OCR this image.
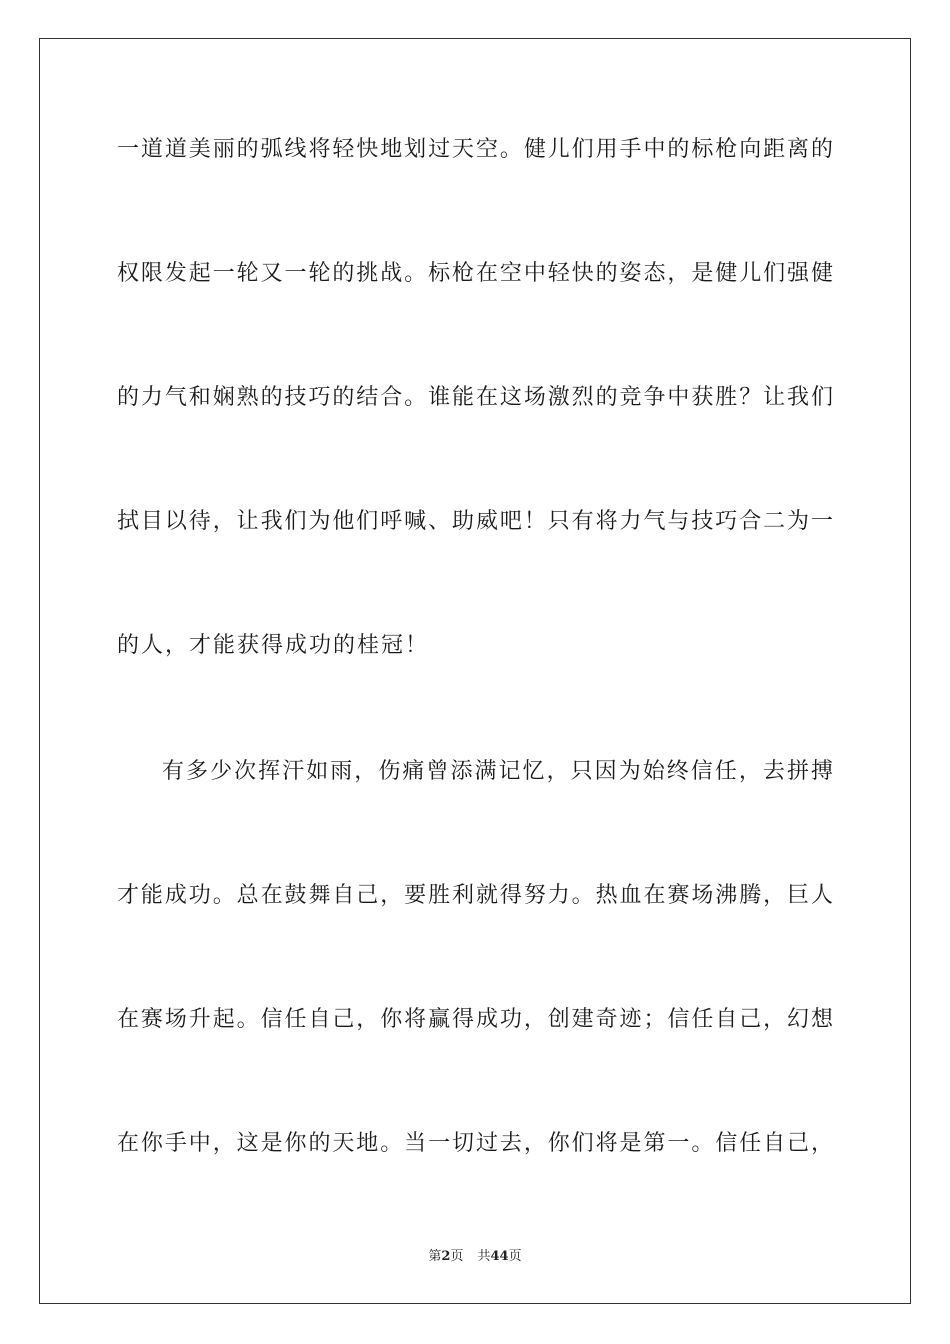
一道道美丽的弧线将轻快地划过天空。健儿们用手中的标枪向距离的
权限发起一轮又一轮的挑战。标枪在空中轻快的姿态，是健儿们强健
的力气和娴熟的技巧的结合。谁能在这场激烈的竞争中获胜？让我们
拭目以待，让我们为他们呼喊、助威吧！只有将力气与技巧合二为一
的人，才能获得成功的桂冠！
有多少次挥汗如雨，伤痛曾添满记忆，只因为始终信任，去拼搏
才能成功。总在鼓舞自己，要胜利就得努力。热血在赛场沸腾，巨人
在赛场升起。信任自己，你将赢得成功，创建奇迹；信任自己，幻想
在你手中，这是你的天地。当一切过去，你们将是第一。信任自己，
第2页 共44页
